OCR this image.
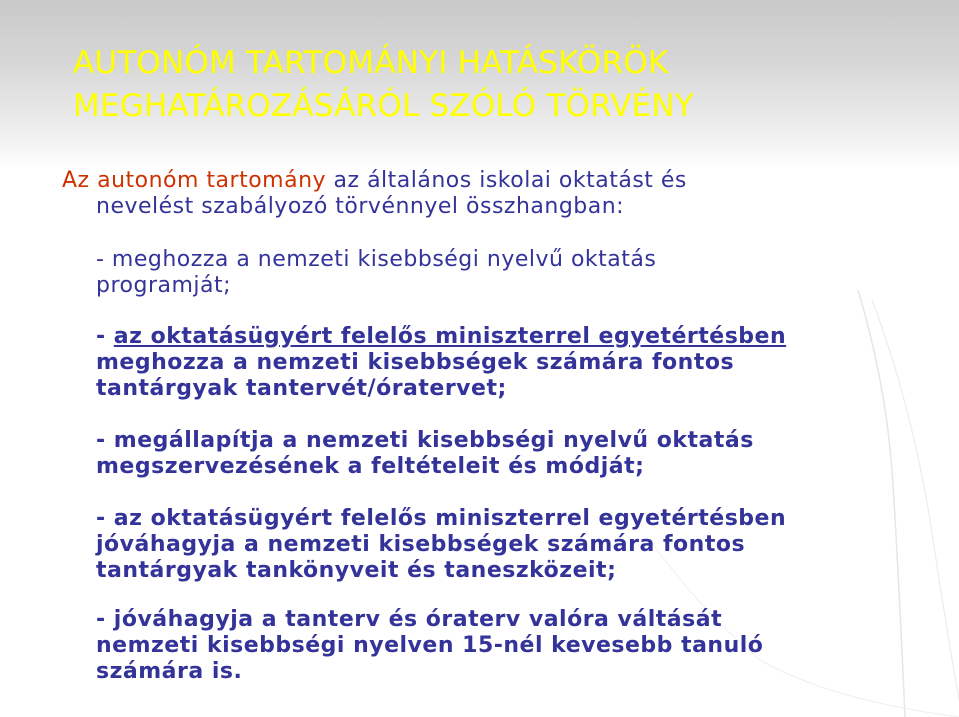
AUTONÓM TARTOMÁNYI HATÁSKÖRÖK
MEGHATÁROZÁSÁRÓL SZÓLÓ TÖRVÉNY
Az autonóm tartomány az általános iskolai oktatást és
nevelést szabályozó törvénnyel összhangban:
- meghozza a nemzeti kisebbségi nyelvű oktatás
programját;
- az oktatásügyért felelős miniszterrel egyetértésben
meghozza a nemzeti kisebbségek számára fontos
tantárgyak tantervét/óratervet;
- megállapítja a nemzeti kisebbségi nyelvű oktatás
megszervezésének a feltételeit és módját;
- az oktatásügyért felelős miniszterrel egyetértésben
jóváhagyja a nemzeti kisebbségek számára fontos
tantárgyak tankönyveit és taneszközeit;
- jóváhagyja a tanterv és óraterv valóra váltását
nemzeti kisebbségi nyelven 15-nél kevesebb tanuló
számára is.
